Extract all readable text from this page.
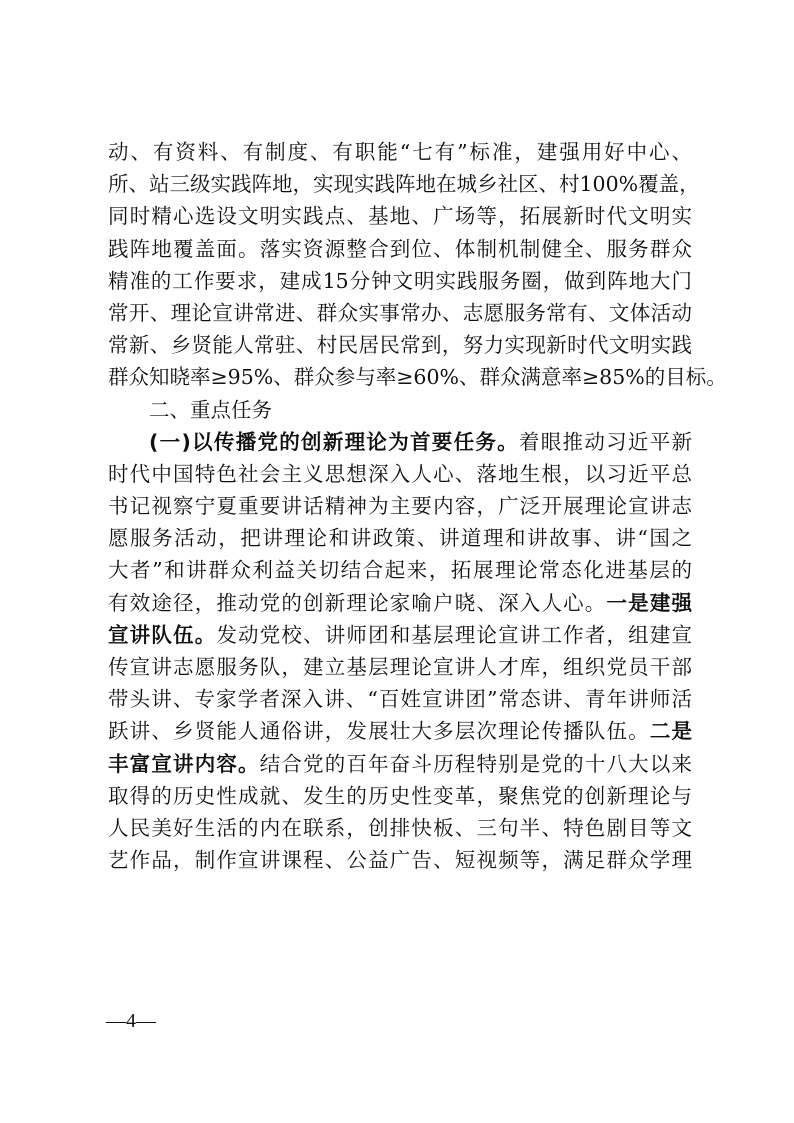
动、有资料、有制度、有职能“七有”标准，建强用好中心、
所、站三级实践阵地，实现实践阵地在城乡社区、村100%覆盖，
同时精心选设文明实践点、基地、广场等，拓展新时代文明实
践阵地覆盖面。落实资源整合到位、体制机制健全、服务群众
精准的工作要求，建成15分钟文明实践服务圈，做到阵地大门
常开、理论宣讲常进、群众实事常办、志愿服务常有、文体活动
常新、乡贤能人常驻、村民居民常到，努力实现新时代文明实践
群众知晓率≥95%、群众参与率≥60%、群众满意率≥85%的目标。
二、重点任务
(一)以传播党的创新理论为首要任务。着眼推动习近平新
时代中国特色社会主义思想深入人心、落地生根，以习近平总
书记视察宁夏重要讲话精神为主要内容，广泛开展理论宣讲志
愿服务活动，把讲理论和讲政策、讲道理和讲故事、讲“国之
大者”和讲群众利益关切结合起来，拓展理论常态化进基层的
有效途径，推动党的创新理论家喻户晓、深入人心。一是建强
宣讲队伍。发动党校、讲师团和基层理论宣讲工作者，组建宣
传宣讲志愿服务队，建立基层理论宣讲人才库，组织党员干部
带头讲、专家学者深入讲、“百姓宣讲团”常态讲、青年讲师活
跃讲、乡贤能人通俗讲，发展壮大多层次理论传播队伍。二是
丰富宣讲内容。结合党的百年奋斗历程特别是党的十八大以来
取得的历史性成就、发生的历史性变革，聚焦党的创新理论与
人民美好生活的内在联系，创排快板、三句半、特色剧目等文
艺作品，制作宣讲课程、公益广告、短视频等，满足群众学理
—4—
